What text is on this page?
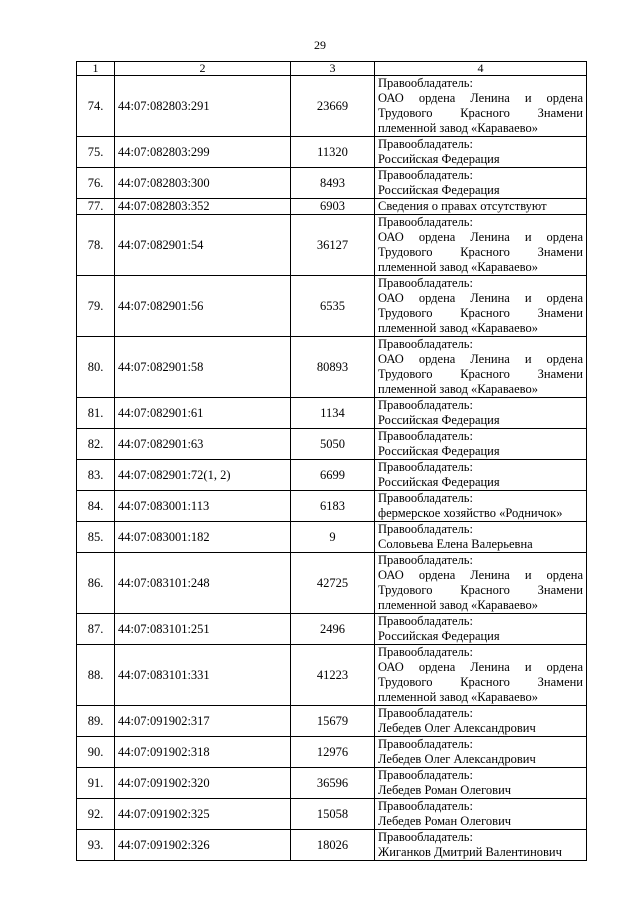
29
1	2	3	4
74.	44:07:082803:291	23669	Правообладатель:
ОАО ордена Ленина и ордена
Трудового Красного Знамени
племенной завод «Караваево»

75.	44:07:082803:299	11320	Правообладатель:
Российская Федерация

76.	44:07:082803:300	8493	Правообладатель:
Российская Федерация

77.	44:07:082803:352	6903	Сведения о правах отсутствуют

78.	44:07:082901:54	36127	Правообладатель:
ОАО ордена Ленина и ордена
Трудового Красного Знамени
племенной завод «Караваево»

79.	44:07:082901:56	6535	Правообладатель:
ОАО ордена Ленина и ордена
Трудового Красного Знамени
племенной завод «Караваево»

80.	44:07:082901:58	80893	Правообладатель:
ОАО ордена Ленина и ордена
Трудового Красного Знамени
племенной завод «Караваево»

81.	44:07:082901:61	1134	Правообладатель:
Российская Федерация

82.	44:07:082901:63	5050	Правообладатель:
Российская Федерация

83.	44:07:082901:72(1, 2)	6699	Правообладатель:
Российская Федерация

84.	44:07:083001:113	6183	Правообладатель:
фермерское хозяйство «Родничок»

85.	44:07:083001:182	9	Правообладатель:
Соловьева Елена Валерьевна

86.	44:07:083101:248	42725	Правообладатель:
ОАО ордена Ленина и ордена
Трудового Красного Знамени
племенной завод «Караваево»

87.	44:07:083101:251	2496	Правообладатель:
Российская Федерация

88.	44:07:083101:331	41223	Правообладатель:
ОАО ордена Ленина и ордена
Трудового Красного Знамени
племенной завод «Караваево»

89.	44:07:091902:317	15679	Правообладатель:
Лебедев Олег Александрович

90.	44:07:091902:318	12976	Правообладатель:
Лебедев Олег Александрович

91.	44:07:091902:320	36596	Правообладатель:
Лебедев Роман Олегович

92.	44:07:091902:325	15058	Правообладатель:
Лебедев Роман Олегович

93.	44:07:091902:326	18026	Правообладатель:
Жиганков Дмитрий Валентинович
